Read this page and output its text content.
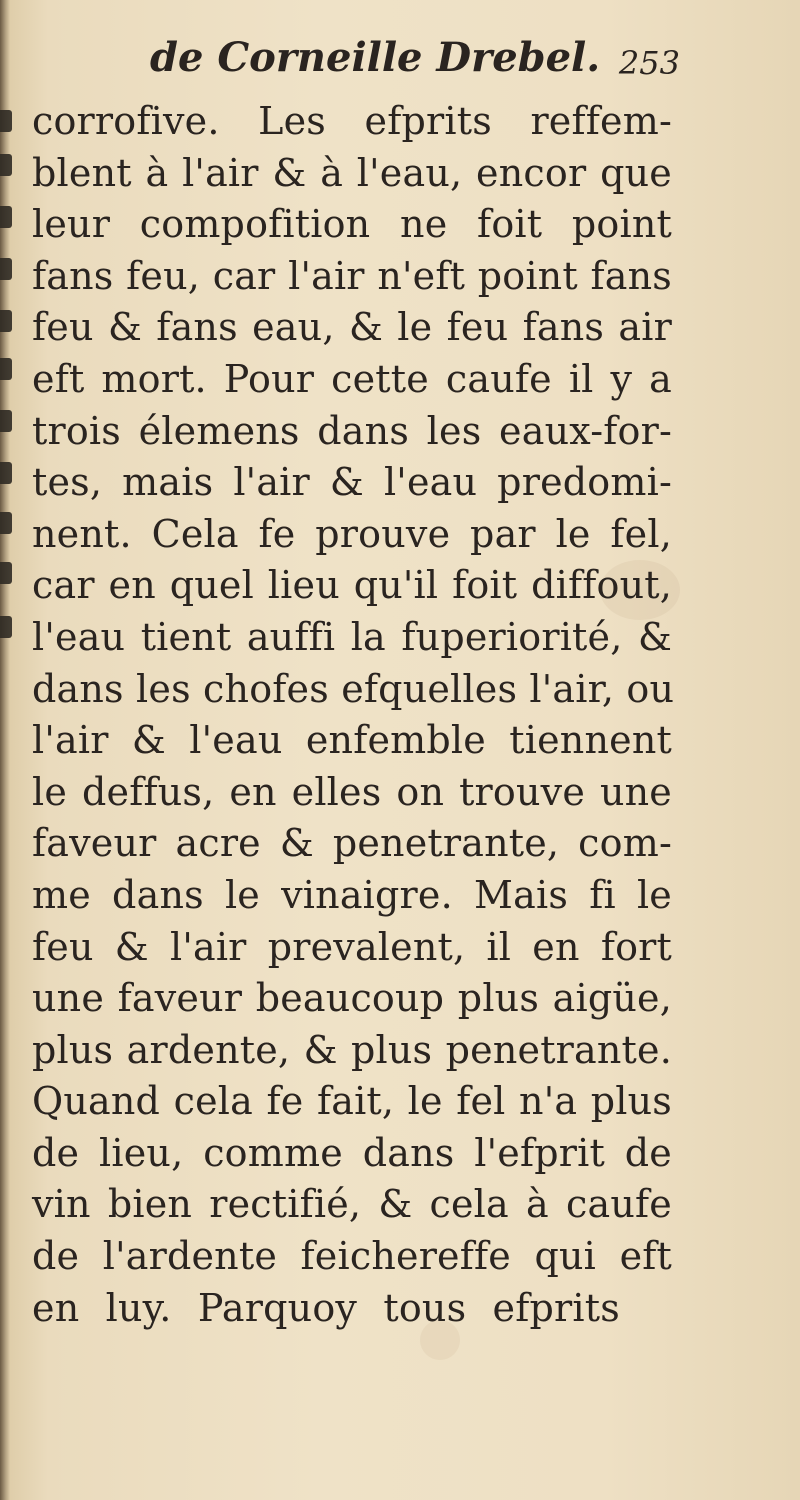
de Corneille Drebel. 253
corrofive. Les efprits reffem-
blent à l'air & à l'eau, encor que
leur compofition ne foit point
fans feu, car l'air n'eft point fans
feu & fans eau, & le feu fans air
eft mort. Pour cette caufe il y a
trois élemens dans les eaux-for-
tes, mais l'air & l'eau predomi-
nent. Cela fe prouve par le fel,
car en quel lieu qu'il foit diffout,
l'eau tient auffi la fuperiorité, &
dans les chofes efquelles l'air, ou
l'air & l'eau enfemble tiennent
le deffus, en elles on trouve une
faveur acre & penetrante, com-
me dans le vinaigre. Mais fi le
feu & l'air prevalent, il en fort
une faveur beaucoup plus aigüe,
plus ardente, & plus penetrante.
Quand cela fe fait, le fel n'a plus
de lieu, comme dans l'efprit de
vin bien rectifié, & cela à caufe
de l'ardente feichereffe qui eft
en luy. Parquoy tous efprits
